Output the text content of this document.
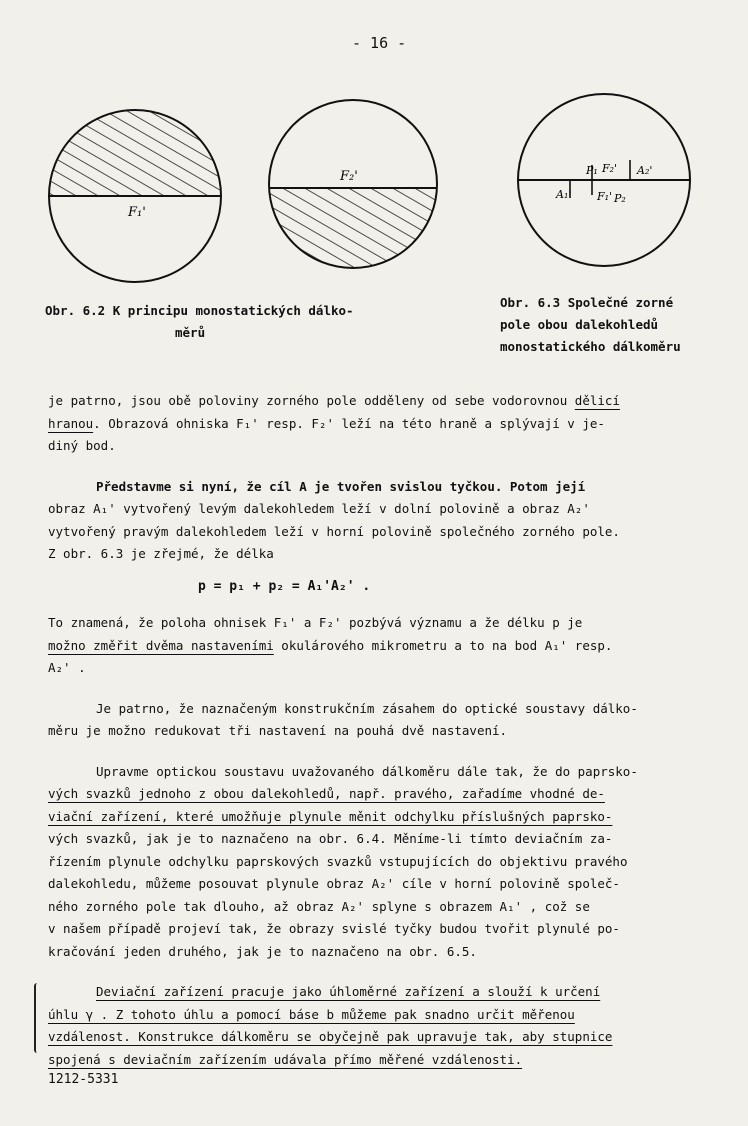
- 16 -
F₁'
F₂'	P₁ F₂' A₂'
A₁' F₁' P₂
Obr. 6.2 K principu monostatických dálko-
měrů
Obr. 6.3 Společné zorné
pole obou dalekohledů
monostatického dálkoměru

je patrno, jsou obě poloviny zorného pole odděleny od sebe vodorovnou dělicí

hranou. Obrazová ohniska F₁' resp. F₂' leží na této hraně a splývají v je-

diný bod.

Představme si nyní, že cíl A je tvořen svislou tyčkou. Potom její

obraz A₁' vytvořený levým dalekohledem leží v dolní polovině a obraz A₂'

vytvořený pravým dalekohledem leží v horní polovině společného zorného pole.

Z obr. 6.3 je zřejmé, že délka

p = p₁ + p₂ = A₁'A₂' .

To znamená, že poloha ohnisek F₁' a F₂' pozbývá významu a že délku p je

možno změřit dvěma nastaveními okulárového mikrometru a to na bod A₁' resp.

A₂' .

Je patrno, že naznačeným konstrukčním zásahem do optické soustavy dálko-

měru je možno redukovat tři nastavení na pouhá dvě nastavení.

Upravme optickou soustavu uvažovaného dálkoměru dále tak, že do paprsko-

vých svazků jednoho z obou dalekohledů, např. pravého, zařadíme vhodné de-

viační zařízení, které umožňuje plynule měnit odchylku příslušných paprsko-

vých svazků, jak je to naznačeno na obr. 6.4. Měníme-li tímto deviačním za-

řízením plynule odchylku paprskových svazků vstupujících do objektivu pravého

dalekohledu, můžeme posouvat plynule obraz A₂' cíle v horní polovině společ-

ného zorného pole tak dlouho, až obraz A₂' splyne s obrazem A₁' , což se

v našem případě projeví tak, že obrazy svislé tyčky budou tvořit plynulé po-

kračování jeden druhého, jak je to naznačeno na obr. 6.5.

Deviační zařízení pracuje jako úhloměrné zařízení a slouží k určení

úhlu γ . Z tohoto úhlu a pomocí báse b můžeme pak snadno určit měřenou

vzdálenost. Konstrukce dálkoměru se obyčejně pak upravuje tak, aby stupnice

spojená s deviačním zařízením udávala přímo měřené vzdálenosti.

1212-5331
